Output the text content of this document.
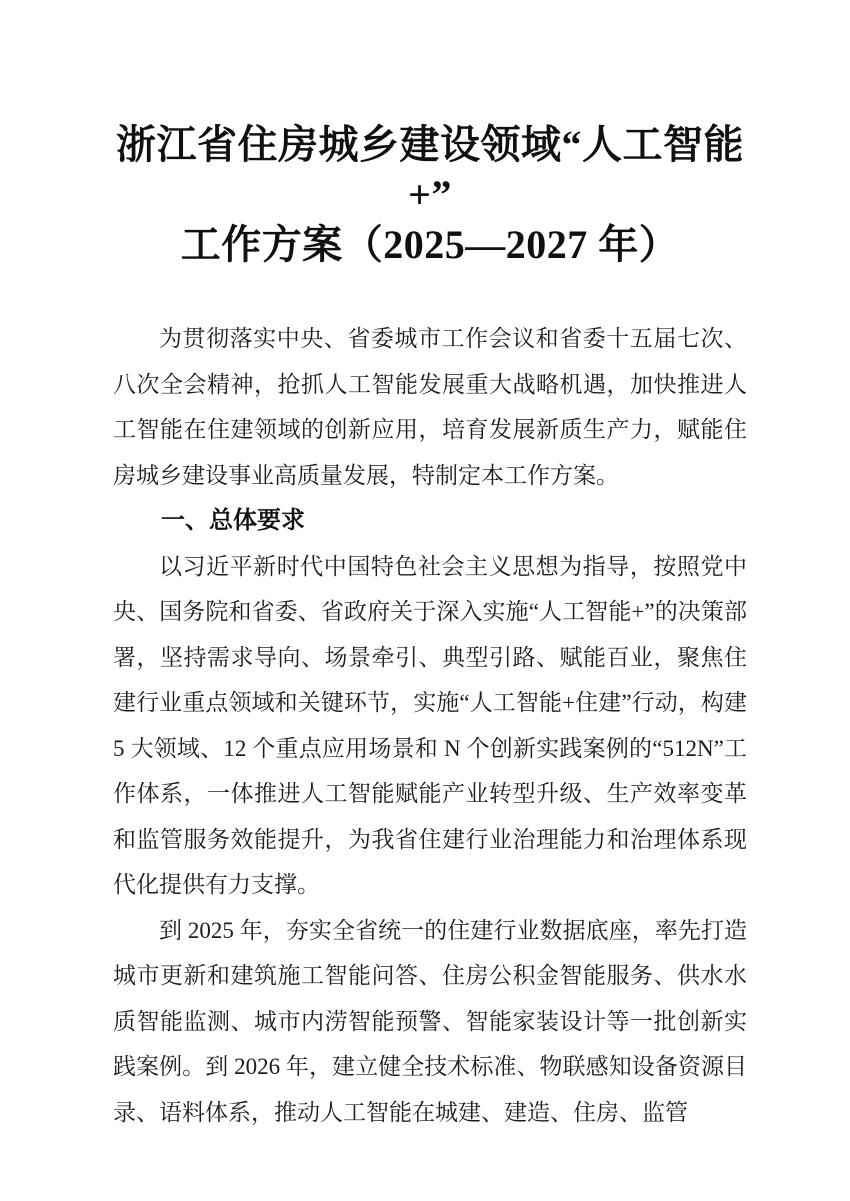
浙江省住房城乡建设领域“人工智能+”
工作方案（2025—2027 年）

为贯彻落实中央、省委城市工作会议和省委十五届七次、八次全会精神，抢抓人工智能发展重大战略机遇，加快推进人工智能在住建领域的创新应用，培育发展新质生产力，赋能住房城乡建设事业高质量发展，特制定本工作方案。

一、总体要求

以习近平新时代中国特色社会主义思想为指导，按照党中央、国务院和省委、省政府关于深入实施“人工智能+”的决策部署，坚持需求导向、场景牵引、典型引路、赋能百业，聚焦住建行业重点领域和关键环节，实施“人工智能+住建”行动，构建 5 大领域、12 个重点应用场景和 N 个创新实践案例的“512N”工作体系，一体推进人工智能赋能产业转型升级、生产效率变革和监管服务效能提升，为我省住建行业治理能力和治理体系现代化提供有力支撑。

到 2025 年，夯实全省统一的住建行业数据底座，率先打造城市更新和建筑施工智能问答、住房公积金智能服务、供水水质智能监测、城市内涝智能预警、智能家装设计等一批创新实践案例。到 2026 年，建立健全技术标准、物联感知设备资源目录、语料体系，推动人工智能在城建、建造、住房、监管
